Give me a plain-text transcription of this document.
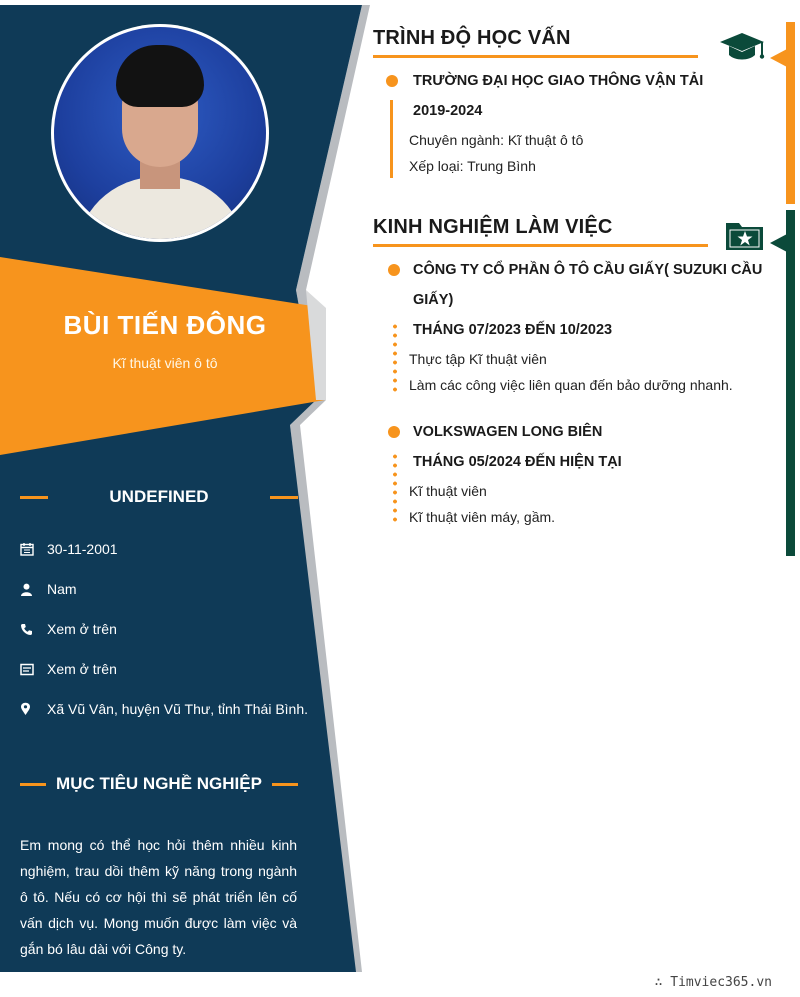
BÙI TIẾN ĐÔNG
Kĩ thuật viên ô tô
UNDEFINED
30-11-2001
Nam
Xem ở trên
Xem ở trên
Xã Vũ Vân, huyện Vũ Thư, tỉnh Thái Bình.
MỤC TIÊU NGHỀ NGHIỆP
Em mong có thể học hỏi thêm nhiều kinh nghiệm, trau dồi thêm kỹ năng trong ngành ô tô. Nếu có cơ hội thì sẽ phát triển lên cố vấn dịch vụ. Mong muốn được làm việc và gắn bó lâu dài với Công ty.
TRÌNH ĐỘ HỌC VẤN
TRƯỜNG ĐẠI HỌC GIAO THÔNG VẬN TẢI
2019-2024
Chuyên ngành: Kĩ thuật ô tô
Xếp loại: Trung Bình
KINH NGHIỆM LÀM VIỆC
CÔNG TY CỔ PHẦN Ô TÔ CẦU GIẤY( SUZUKI CẦU
GIẤY)
THÁNG 07/2023 ĐẾN 10/2023
Thực tập Kĩ thuật viên
Làm các công việc liên quan đến bảo dưỡng nhanh.
VOLKSWAGEN LONG BIÊN
THÁNG 05/2024 ĐẾN HIỆN TẠI
Kĩ thuật viên
Kĩ thuật viên máy, gầm.
∴ Timviec365.vn
